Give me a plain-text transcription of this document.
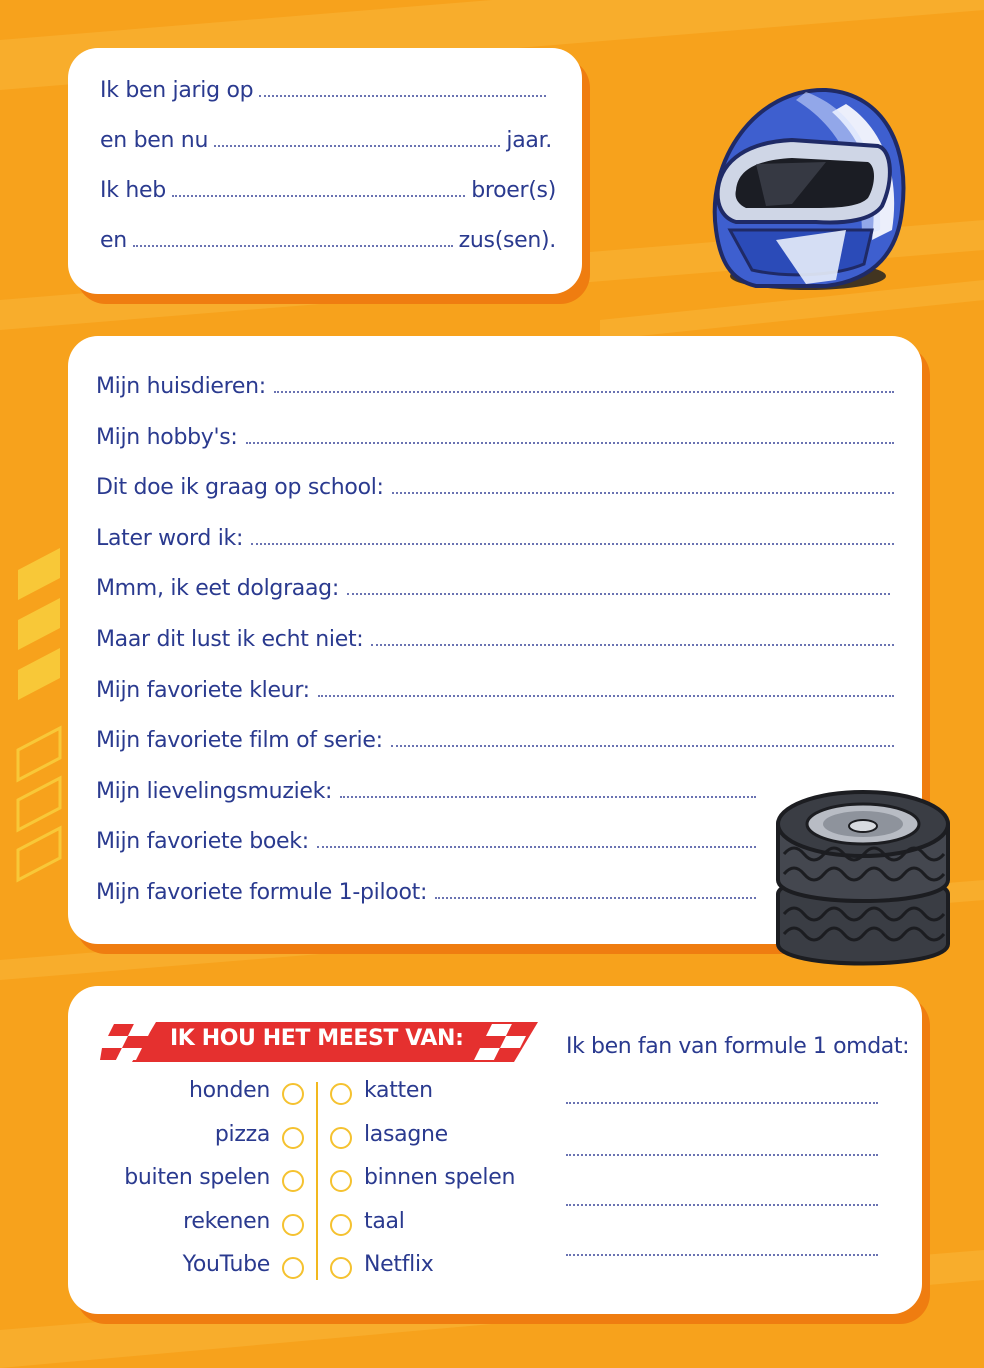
Ik ben jarig op
en ben nu	jaar.
Ik heb	broer(s)
en	zus(sen).
Mijn huisdieren:
Mijn hobby's:
Dit doe ik graag op school:
Later word ik:
Mmm, ik eet dolgraag:
Maar dit lust ik echt niet:
Mijn favoriete kleur:
Mijn favoriete film of serie:
Mijn lievelingsmuziek:
Mijn favoriete boek:
Mijn favoriete formule 1-piloot:
IK HOU HET MEEST VAN:
honden	katten
pizza	lasagne
buiten spelen	binnen spelen
rekenen	taal
YouTube	Netflix
Ik ben fan van formule 1 omdat:
